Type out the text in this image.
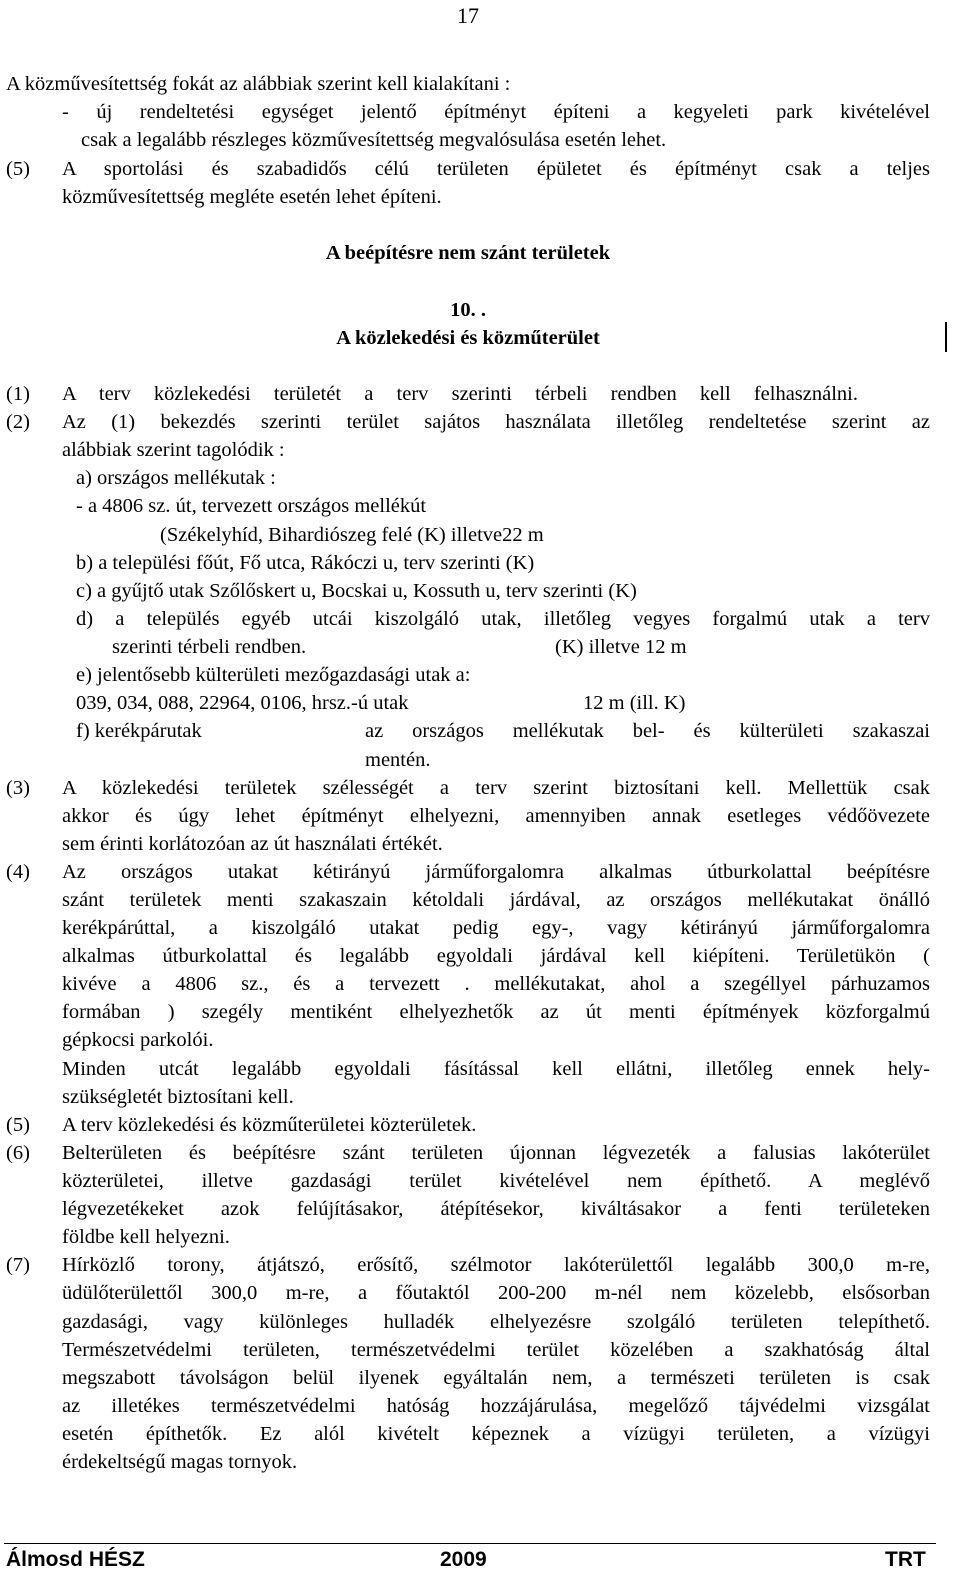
17
A közművesítettség fokát az alábbiak szerint kell kialakítani :
- új rendeltetési egységet jelentő építményt építeni a kegyeleti park kivételével
csak a legalább részleges közművesítettség megvalósulása esetén lehet.
(5) A sportolási és szabadidős célú területen épületet és építményt csak a teljes
közművesítettség megléte esetén lehet építeni.
A beépítésre nem szánt területek
10. .
A közlekedési és közműterület
(1) A terv közlekedési területét a terv szerinti térbeli rendben kell felhasználni.
(2) Az (1) bekezdés szerinti terület sajátos használata illetőleg rendeltetése szerint az
alábbiak szerint tagolódik :
a) országos mellékutak :
- a 4806 sz. út, tervezett országos mellékút
(Székelyhíd, Bihardiószeg felé (K) illetve22 m
b) a települési főút, Fő utca, Rákóczi u, terv szerinti (K)
c) a gyűjtő utak Szőlőskert u, Bocskai u, Kossuth u, terv szerinti (K)
d) a település egyéb utcái kiszolgáló utak, illetőleg vegyes forgalmú utak a terv
szerinti térbeli rendben.	(K) illetve 12 m
e) jelentősebb külterületi mezőgazdasági utak a:
039, 034, 088, 22964, 0106, hrsz.-ú utak	12 m (ill. K)
f) kerékpárutak	az országos mellékutak bel- és külterületi szakaszai
mentén.
(3) A közlekedési területek szélességét a terv szerint biztosítani kell. Mellettük csak
akkor és úgy lehet építményt elhelyezni, amennyiben annak esetleges védőövezete
sem érinti korlátozóan az út használati értékét.
(4) Az országos utakat kétirányú járműforgalomra alkalmas útburkolattal beépítésre
szánt területek menti szakaszain kétoldali járdával, az országos mellékutakat önálló
kerékpárúttal, a kiszolgáló utakat pedig egy-, vagy kétirányú járműforgalomra
alkalmas útburkolattal és legalább egyoldali járdával kell kiépíteni. Területükön (
kivéve a 4806 sz., és a tervezett . mellékutakat, ahol a szegéllyel párhuzamos
formában ) szegély mentiként elhelyezhetők az út menti építmények közforgalmú
gépkocsi parkolói.
Minden utcát legalább egyoldali fásítással kell ellátni, illetőleg ennek hely-
szükségletét biztosítani kell.
(5) A terv közlekedési és közműterületei közterületek.
(6) Belterületen és beépítésre szánt területen újonnan légvezeték a falusias lakóterület
közterületei, illetve gazdasági terület kivételével nem építhető. A meglévő
légvezetékeket azok felújításakor, átépítésekor, kiváltásakor a fenti területeken
földbe kell helyezni.
(7) Hírközlő torony, átjátszó, erősítő, szélmotor lakóterülettől legalább 300,0 m-re,
üdülőterülettől 300,0 m-re, a főutaktól 200-200 m-nél nem közelebb, elsősorban
gazdasági, vagy különleges hulladék elhelyezésre szolgáló területen telepíthető.
Természetvédelmi területen, természetvédelmi terület közelében a szakhatóság által
megszabott távolságon belül ilyenek egyáltalán nem, a természeti területen is csak
az illetékes természetvédelmi hatóság hozzájárulása, megelőző tájvédelmi vizsgálat
esetén építhetők. Ez alól kivételt képeznek a vízügyi területen, a vízügyi
érdekeltségű magas tornyok.
Álmosd HÉSZ	2009	TRT
